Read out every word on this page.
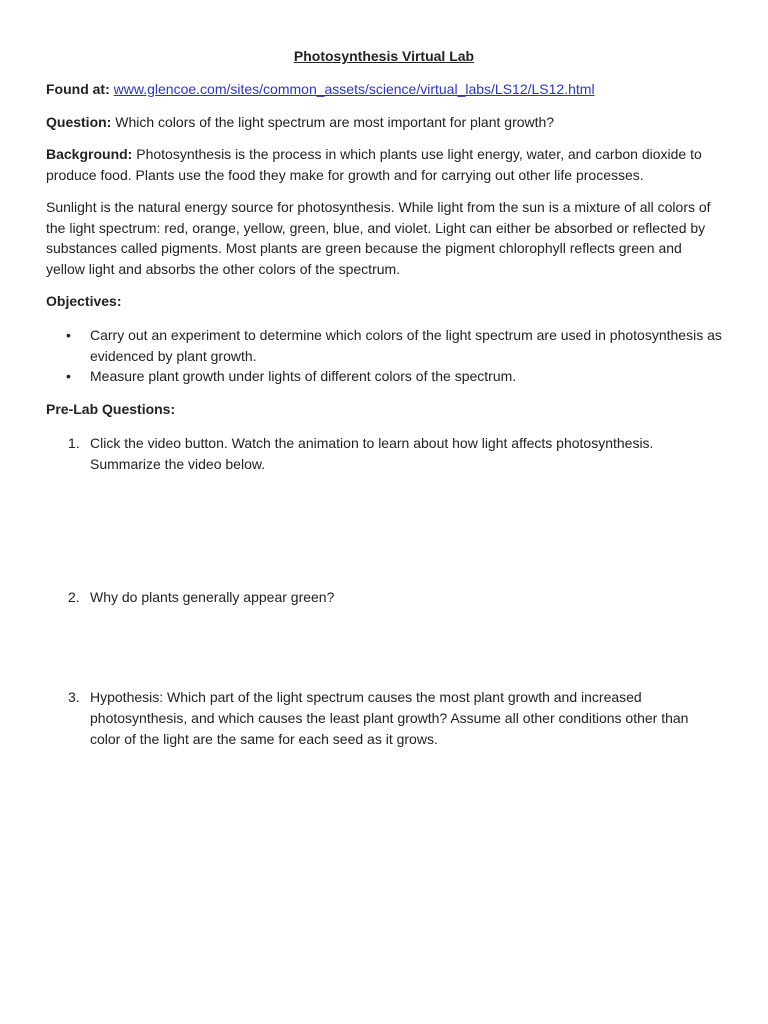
Photosynthesis Virtual Lab

Found at: www.glencoe.com/sites/common_assets/science/virtual_labs/LS12/LS12.html

Question: Which colors of the light spectrum are most important for plant growth?

Background: Photosynthesis is the process in which plants use light energy, water, and carbon dioxide to produce food. Plants use the food they make for growth and for carrying out other life processes.

Sunlight is the natural energy source for photosynthesis. While light from the sun is a mixture of all colors of the light spectrum: red, orange, yellow, green, blue, and violet. Light can either be absorbed or reflected by substances called pigments. Most plants are green because the pigment chlorophyll reflects green and yellow light and absorbs the other colors of the spectrum.

Objectives:
• Carry out an experiment to determine which colors of the light spectrum are used in photosynthesis as evidenced by plant growth.
• Measure plant growth under lights of different colors of the spectrum.
Pre-Lab Questions:
1. Click the video button. Watch the animation to learn about how light affects photosynthesis. Summarize the video below.
2. Why do plants generally appear green?
3. Hypothesis: Which part of the light spectrum causes the most plant growth and increased photosynthesis, and which causes the least plant growth? Assume all other conditions other than color of the light are the same for each seed as it grows.
